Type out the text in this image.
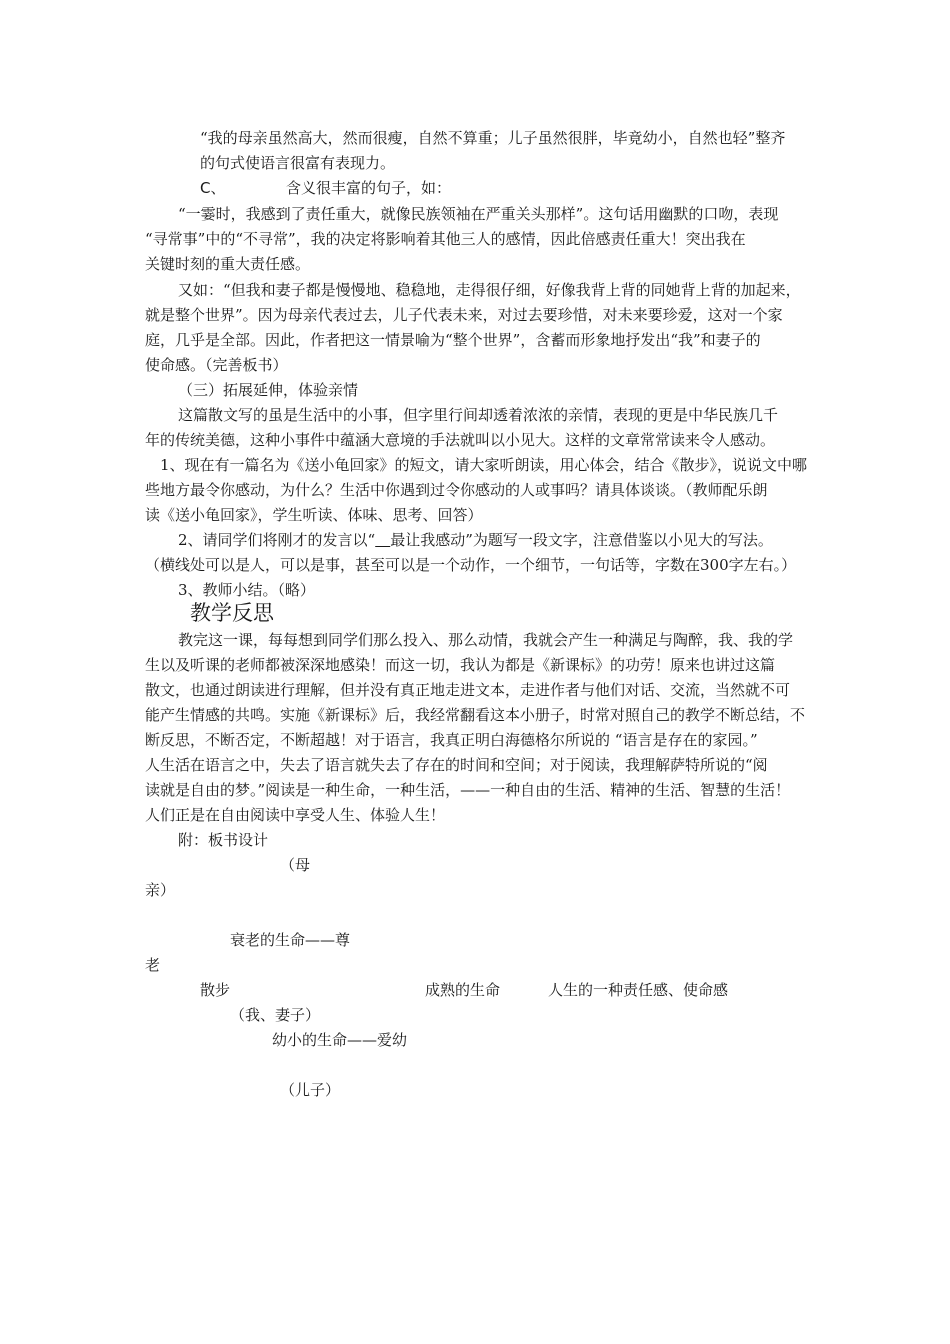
“我的母亲虽然高大，然而很瘦，自然不算重；儿子虽然很胖，毕竟幼小，自然也轻”整齐
的句式使语言很富有表现力。
C、	含义很丰富的句子，如：
“一霎时，我感到了责任重大，就像民族领袖在严重关头那样”。这句话用幽默的口吻，表现
“寻常事”中的“不寻常”，我的决定将影响着其他三人的感情，因此倍感责任重大！突出我在
关键时刻的重大责任感。
又如：“但我和妻子都是慢慢地、稳稳地，走得很仔细，好像我背上背的同她背上背的加起来，
就是整个世界”。因为母亲代表过去，儿子代表未来，对过去要珍惜，对未来要珍爱，这对一个家
庭，几乎是全部。因此，作者把这一情景喻为“整个世界”，含蓄而形象地抒发出“我”和妻子的
使命感。（完善板书）
（三）拓展延伸，体验亲情
这篇散文写的虽是生活中的小事，但字里行间却透着浓浓的亲情，表现的更是中华民族几千
年的传统美德，这种小事件中蕴涵大意境的手法就叫以小见大。这样的文章常常读来令人感动。
1、现在有一篇名为《送小龟回家》的短文，请大家听朗读，用心体会，结合《散步》，说说文中哪
些地方最令你感动，为什么？生活中你遇到过令你感动的人或事吗？请具体谈谈。（教师配乐朗
读《送小龟回家》，学生听读、体味、思考、回答）
2、请同学们将刚才的发言以“　 最让我感动”为题写一段文字，注意借鉴以小见大的写法。
（横线处可以是人，可以是事，甚至可以是一个动作，一个细节，一句话等，字数在300字左右。）
3、教师小结。（略）
教学反思
教完这一课，每每想到同学们那么投入、那么动情，我就会产生一种满足与陶醉，我、我的学
生以及听课的老师都被深深地感染！而这一切，我认为都是《新课标》的功劳！原来也讲过这篇
散文，也通过朗读进行理解，但并没有真正地走进文本，走进作者与他们对话、交流，当然就不可
能产生情感的共鸣。实施《新课标》后，我经常翻看这本小册子，时常对照自己的教学不断总结，不
断反思，不断否定，不断超越！对于语言，我真正明白海德格尔所说的 “语言是存在的家园。”
人生活在语言之中，失去了语言就失去了存在的时间和空间；对于阅读，我理解萨特所说的“阅
读就是自由的梦。”阅读是一种生命，一种生活，——一种自由的生活、精神的生活、智慧的生活！
人们正是在自由阅读中享受人生、体验人生！
附：板书设计
（母
亲）
衰老的生命——尊
老
散步	成熟的生命	人生的一种责任感、使命感
（我、妻子）
幼小的生命——爱幼
（儿子）
